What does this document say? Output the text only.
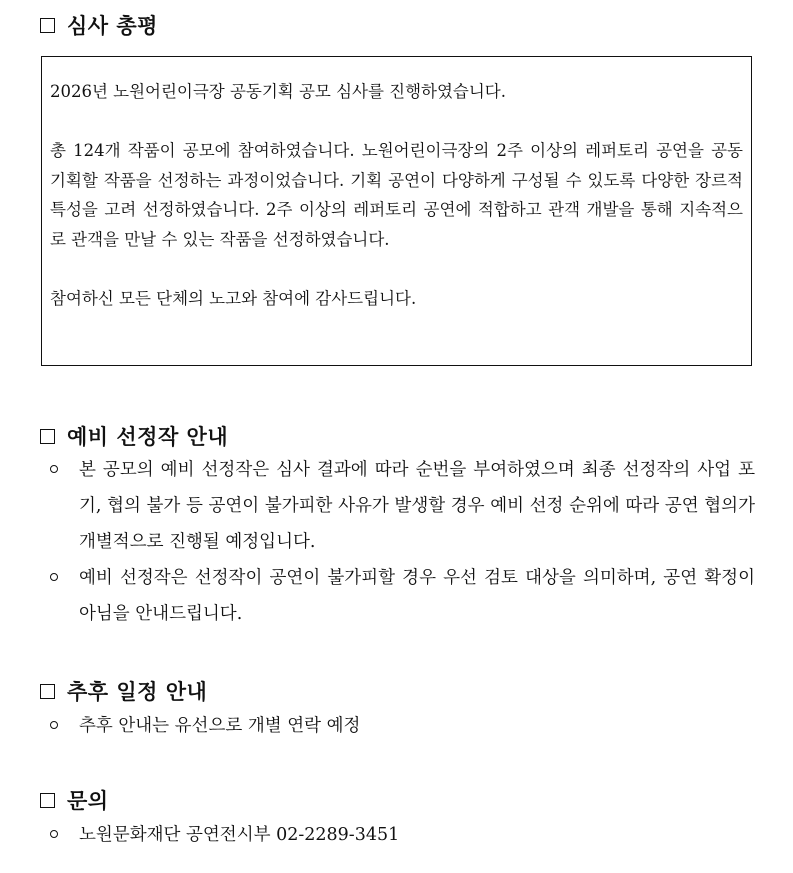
심사 총평

2026년 노원어린이극장 공동기획 공모 심사를 진행하였습니다.

총 124개 작품이 공모에 참여하였습니다. 노원어린이극장의 2주 이상의 레퍼토리 공연을 공동 기획할 작품을 선정하는 과정이었습니다. 기획 공연이 다양하게 구성될 수 있도록 다양한 장르적 특성을 고려 선정하였습니다. 2주 이상의 레퍼토리 공연에 적합하고 관객 개발을 통해 지속적으로 관객을 만날 수 있는 작품을 선정하였습니다.

참여하신 모든 단체의 노고와 참여에 감사드립니다.

예비 선정작 안내
본 공모의 예비 선정작은 심사 결과에 따라 순번을 부여하였으며 최종 선정작의 사업 포기, 협의 불가 등 공연이 불가피한 사유가 발생할 경우 예비 선정 순위에 따라 공연 협의가 개별적으로 진행될 예정입니다.
예비 선정작은 선정작이 공연이 불가피할 경우 우선 검토 대상을 의미하며, 공연 확정이 아님을 안내드립니다.
추후 일정 안내
추후 안내는 유선으로 개별 연락 예정
문의
노원문화재단 공연전시부 02-2289-3451
